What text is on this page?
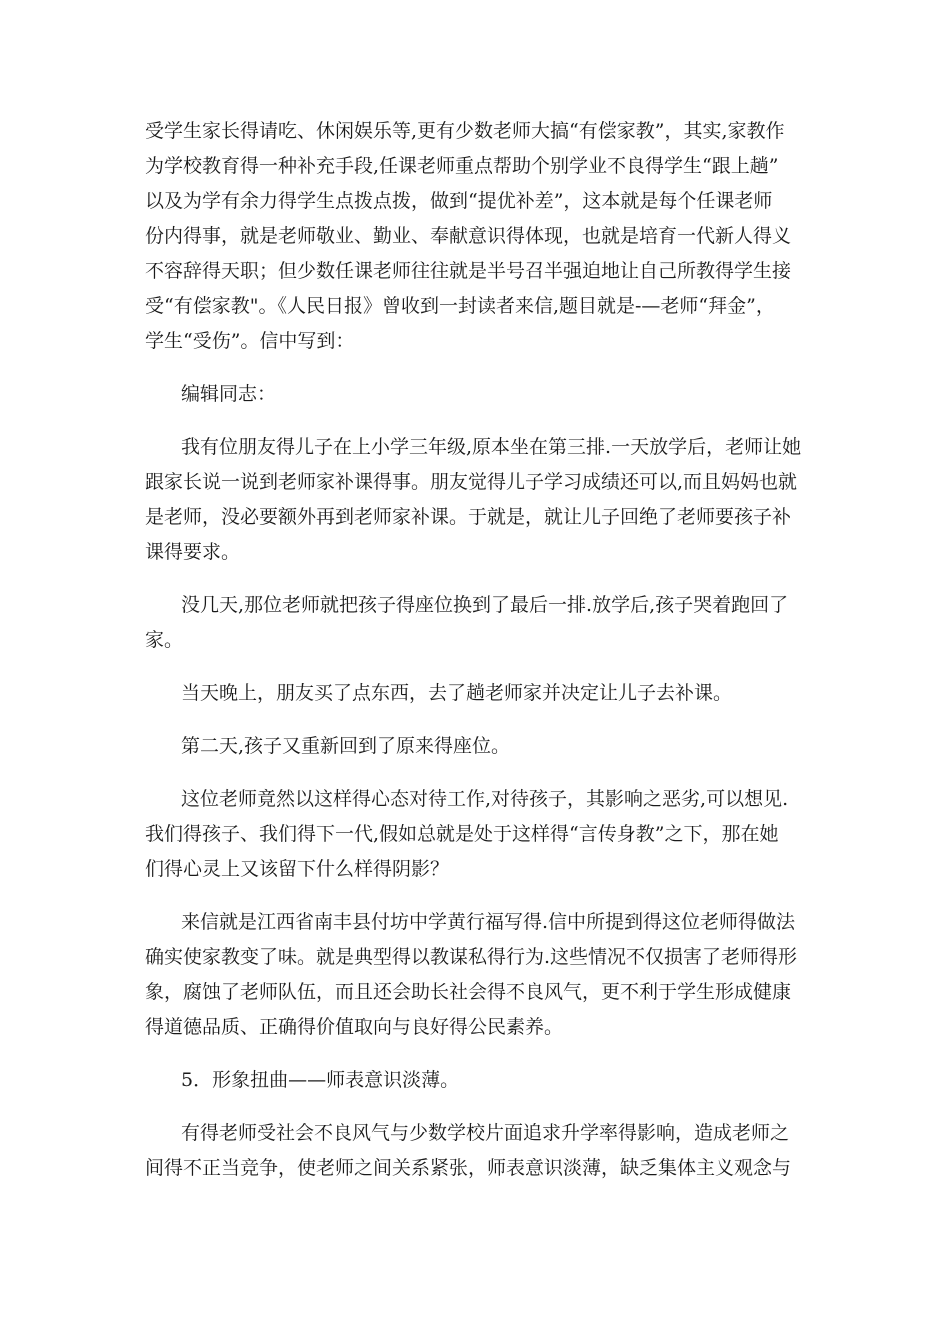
受学生家长得请吃、休闲娱乐等,更有少数老师大搞“有偿家教”，其实,家教作
为学校教育得一种补充手段,任课老师重点帮助个别学业不良得学生“跟上趟”
以及为学有余力得学生点拨点拨，做到“提优补差”，这本就是每个任课老师
份内得事，就是老师敬业、勤业、奉献意识得体现，也就是培育一代新人得义
不容辞得天职；但少数任课老师往往就是半号召半强迫地让自己所教得学生接
受“有偿家教"。《人民日报》曾收到一封读者来信,题目就是-—老师“拜金”，
学生“受伤”。信中写到：

编辑同志：

我有位朋友得儿子在上小学三年级,原本坐在第三排.一天放学后，老师让她
跟家长说一说到老师家补课得事。朋友觉得儿子学习成绩还可以,而且妈妈也就
是老师，没必要额外再到老师家补课。于就是，就让儿子回绝了老师要孩子补
课得要求。

没几天,那位老师就把孩子得座位换到了最后一排.放学后,孩子哭着跑回了
家。

当天晚上，朋友买了点东西，去了趟老师家并决定让儿子去补课。

第二天,孩子又重新回到了原来得座位。

这位老师竟然以这样得心态对待工作,对待孩子，其影响之恶劣,可以想见.
我们得孩子、我们得下一代,假如总就是处于这样得“言传身教”之下，那在她
们得心灵上又该留下什么样得阴影？

来信就是江西省南丰县付坊中学黄行福写得.信中所提到得这位老师得做法
确实使家教变了味。就是典型得以教谋私得行为.这些情况不仅损害了老师得形
象，腐蚀了老师队伍，而且还会助长社会得不良风气，更不利于学生形成健康
得道德品质、正确得价值取向与良好得公民素养。

5．形象扭曲——师表意识淡薄。

有得老师受社会不良风气与少数学校片面追求升学率得影响，造成老师之
间得不正当竞争，使老师之间关系紧张，师表意识淡薄，缺乏集体主义观念与
